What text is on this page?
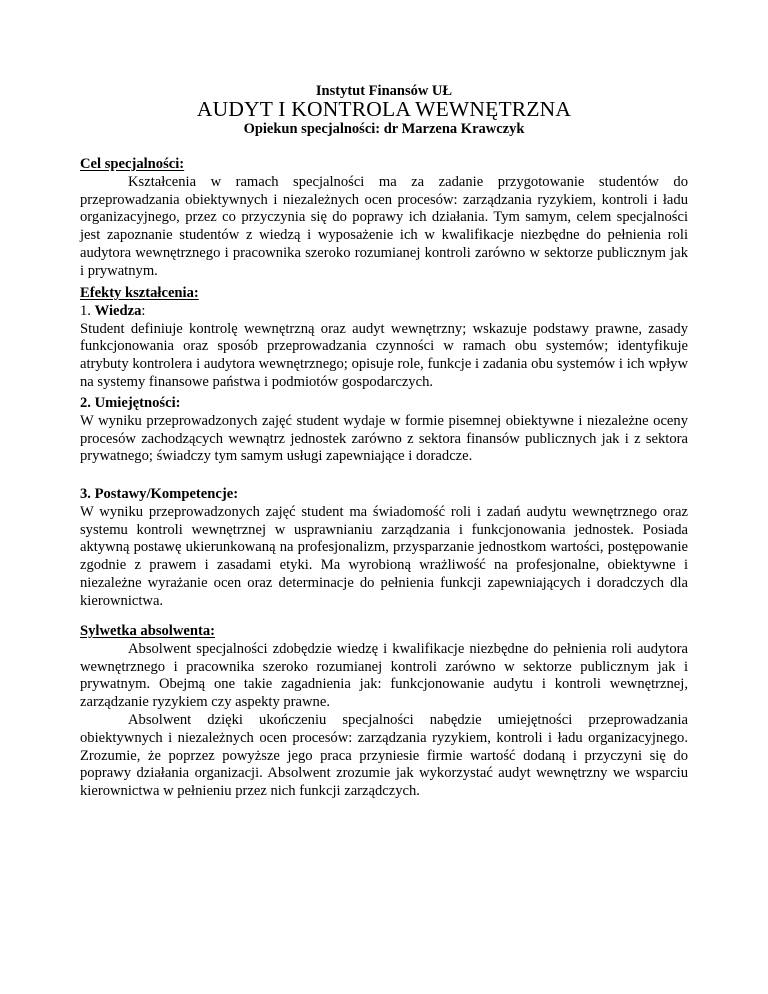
Instytut Finansów UŁ
AUDYT I KONTROLA WEWNĘTRZNA
Opiekun specjalności: dr Marzena Krawczyk
Cel specjalności:

Kształcenia w ramach specjalności ma za zadanie przygotowanie studentów do przeprowadzania obiektywnych i niezależnych ocen procesów: zarządzania ryzykiem, kontroli i ładu organizacyjnego, przez co przyczynia się do poprawy ich działania. Tym samym, celem specjalności jest zapoznanie studentów z wiedzą i wyposażenie ich w kwalifikacje niezbędne do pełnienia roli audytora wewnętrznego i pracownika szeroko rozumianej kontroli zarówno w sektorze publicznym jak i prywatnym.

Efekty kształcenia:
1. Wiedza:

Student definiuje kontrolę wewnętrzną oraz audyt wewnętrzny; wskazuje podstawy prawne, zasady funkcjonowania oraz sposób przeprowadzania czynności w ramach obu systemów; identyfikuje atrybuty kontrolera i audytora wewnętrznego; opisuje role, funkcje i zadania obu systemów i ich wpływ na systemy finansowe państwa i podmiotów gospodarczych.

2. Umiejętności:

W wyniku przeprowadzonych zajęć student wydaje w formie pisemnej obiektywne i niezależne oceny procesów zachodzących wewnątrz jednostek zarówno z sektora finansów publicznych jak i z sektora prywatnego; świadczy tym samym usługi zapewniające i doradcze.

3. Postawy/Kompetencje:

W wyniku przeprowadzonych zajęć student ma świadomość roli i zadań audytu wewnętrznego oraz systemu kontroli wewnętrznej w usprawnianiu zarządzania i funkcjonowania jednostek. Posiada aktywną postawę ukierunkowaną na profesjonalizm, przysparzanie jednostkom wartości, postępowanie zgodnie z prawem i zasadami etyki. Ma wyrobioną wrażliwość na profesjonalne, obiektywne i niezależne wyrażanie ocen oraz determinacje do pełnienia funkcji zapewniających i doradczych dla kierownictwa.

Sylwetka absolwenta:

Absolwent specjalności zdobędzie wiedzę i kwalifikacje niezbędne do pełnienia roli audytora wewnętrznego i pracownika szeroko rozumianej kontroli zarówno w sektorze publicznym jak i prywatnym. Obejmą one takie zagadnienia jak: funkcjonowanie audytu i kontroli wewnętrznej, zarządzanie ryzykiem czy aspekty prawne.

Absolwent dzięki ukończeniu specjalności nabędzie umiejętności przeprowadzania obiektywnych i niezależnych ocen procesów: zarządzania ryzykiem, kontroli i ładu organizacyjnego. Zrozumie, że poprzez powyższe jego praca przyniesie firmie wartość dodaną i przyczyni się do poprawy działania organizacji. Absolwent zrozumie jak wykorzystać audyt wewnętrzny we wsparciu kierownictwa w pełnieniu przez nich funkcji zarządczych.
